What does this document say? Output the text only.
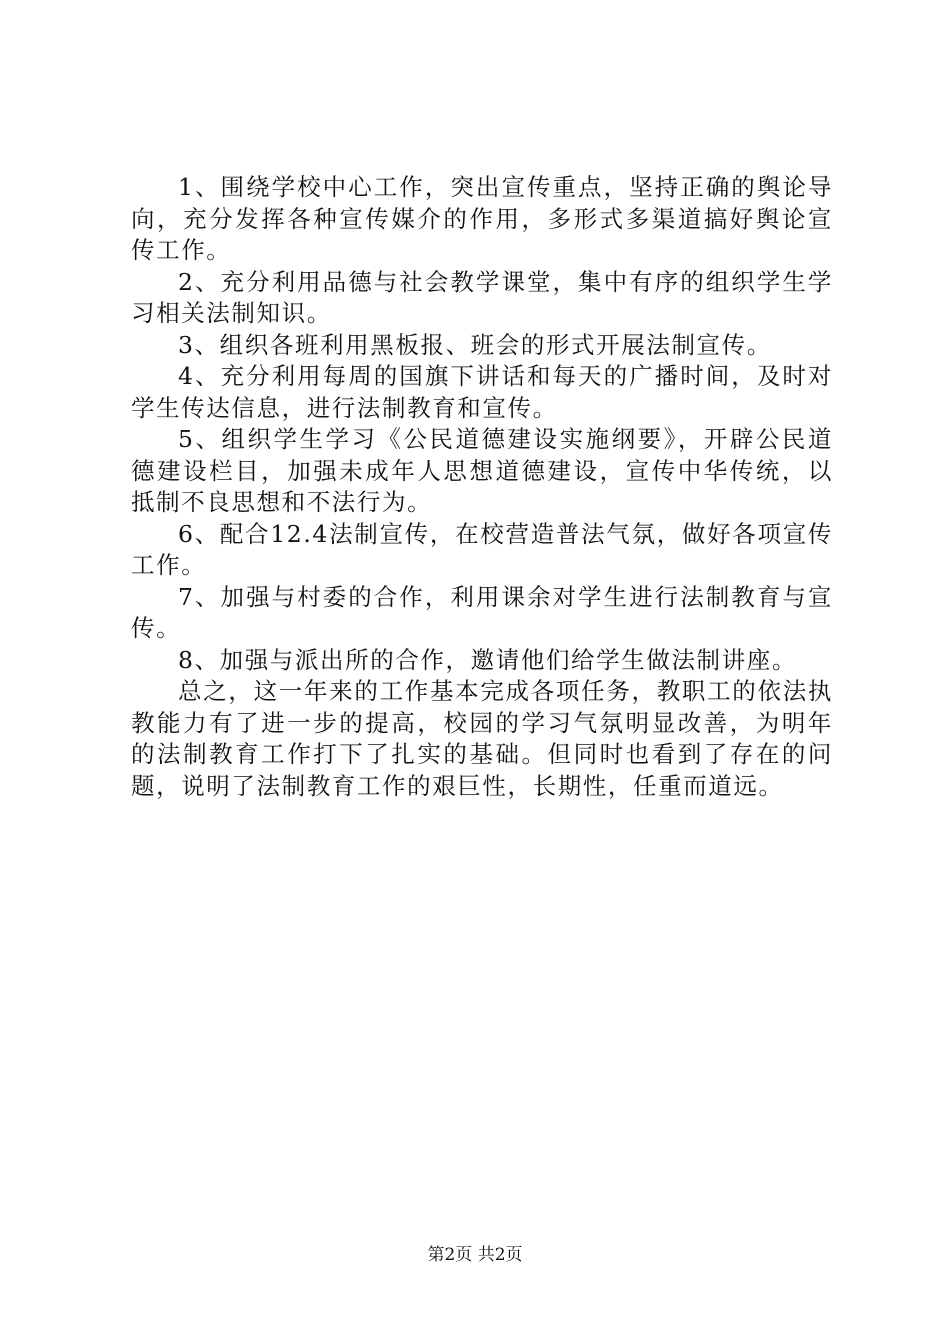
1、围绕学校中心工作，突出宣传重点，坚持正确的舆论导向，充分发挥各种宣传媒介的作用，多形式多渠道搞好舆论宣传工作。

2、充分利用品德与社会教学课堂，集中有序的组织学生学习相关法制知识。

3、组织各班利用黑板报、班会的形式开展法制宣传。

4、充分利用每周的国旗下讲话和每天的广播时间，及时对学生传达信息，进行法制教育和宣传。

5、组织学生学习《公民道德建设实施纲要》，开辟公民道德建设栏目，加强未成年人思想道德建设，宣传中华传统，以抵制不良思想和不法行为。

6、配合12.4法制宣传，在校营造普法气氛，做好各项宣传工作。

7、加强与村委的合作，利用课余对学生进行法制教育与宣传。

8、加强与派出所的合作，邀请他们给学生做法制讲座。

总之，这一年来的工作基本完成各项任务，教职工的依法执教能力有了进一步的提高，校园的学习气氛明显改善，为明年的法制教育工作打下了扎实的基础。但同时也看到了存在的问题，说明了法制教育工作的艰巨性，长期性，任重而道远。

第2页 共2页
